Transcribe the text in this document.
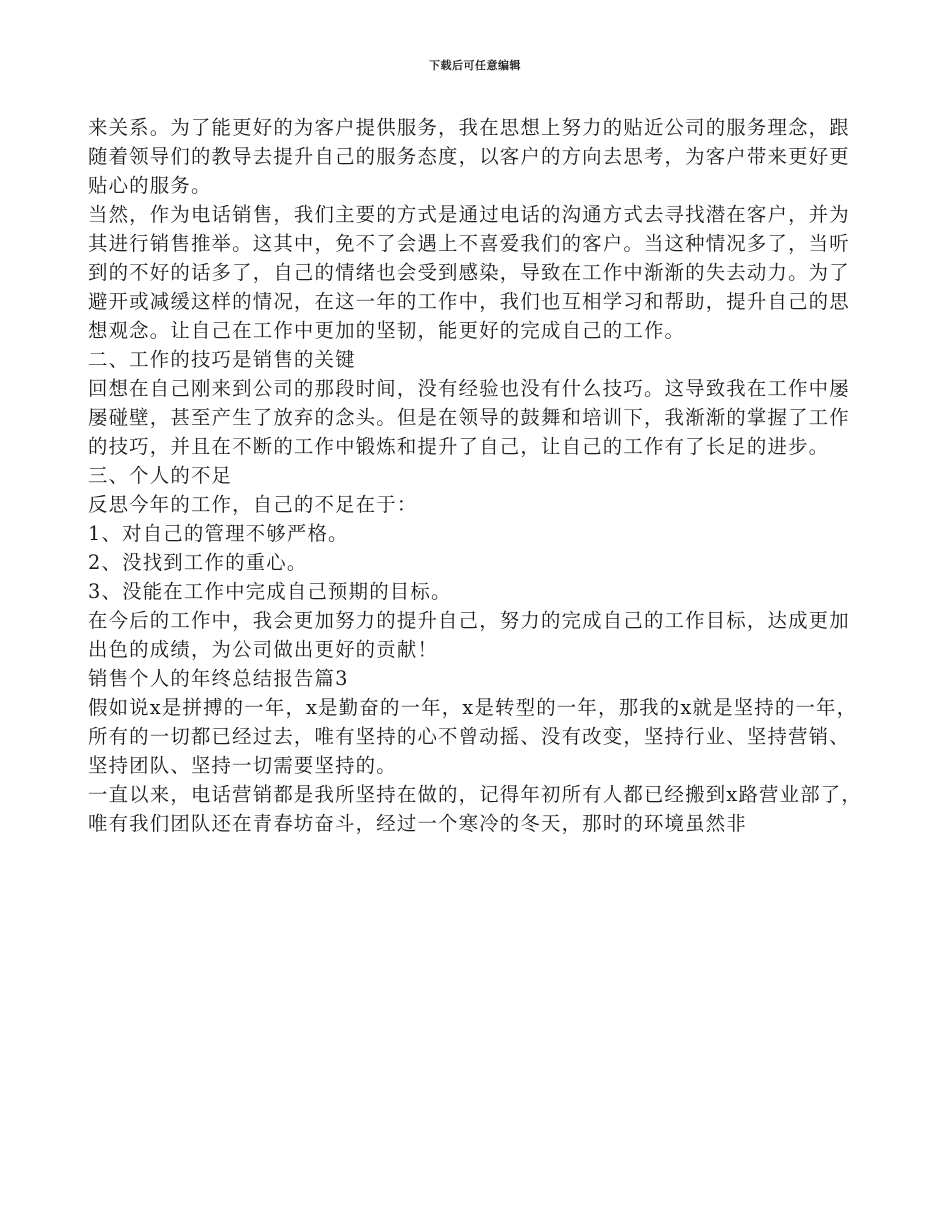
下载后可任意编辑

来关系。为了能更好的为客户提供服务，我在思想上努力的贴近公司的服务理念，跟随着领导们的教导去提升自己的服务态度，以客户的方向去思考，为客户带来更好更贴心的服务。

当然，作为电话销售，我们主要的方式是通过电话的沟通方式去寻找潜在客户，并为其进行销售推举。这其中，免不了会遇上不喜爱我们的客户。当这种情况多了，当听到的不好的话多了，自己的情绪也会受到感染，导致在工作中渐渐的失去动力。为了避开或减缓这样的情况，在这一年的工作中，我们也互相学习和帮助，提升自己的思想观念。让自己在工作中更加的坚韧，能更好的完成自己的工作。

二、工作的技巧是销售的关键

回想在自己刚来到公司的那段时间，没有经验也没有什么技巧。这导致我在工作中屡屡碰壁，甚至产生了放弃的念头。但是在领导的鼓舞和培训下，我渐渐的掌握了工作的技巧，并且在不断的工作中锻炼和提升了自己，让自己的工作有了长足的进步。

三、个人的不足

反思今年的工作，自己的不足在于：

1、对自己的管理不够严格。

2、没找到工作的重心。

3、没能在工作中完成自己预期的目标。

在今后的工作中，我会更加努力的提升自己，努力的完成自己的工作目标，达成更加出色的成绩，为公司做出更好的贡献！

销售个人的年终总结报告篇3

假如说x是拼搏的一年，x是勤奋的一年，x是转型的一年，那我的x就是坚持的一年，所有的一切都已经过去，唯有坚持的心不曾动摇、没有改变，坚持行业、坚持营销、坚持团队、坚持一切需要坚持的。

一直以来，电话营销都是我所坚持在做的，记得年初所有人都已经搬到x路营业部了，唯有我们团队还在青春坊奋斗，经过一个寒冷的冬天，那时的环境虽然非
